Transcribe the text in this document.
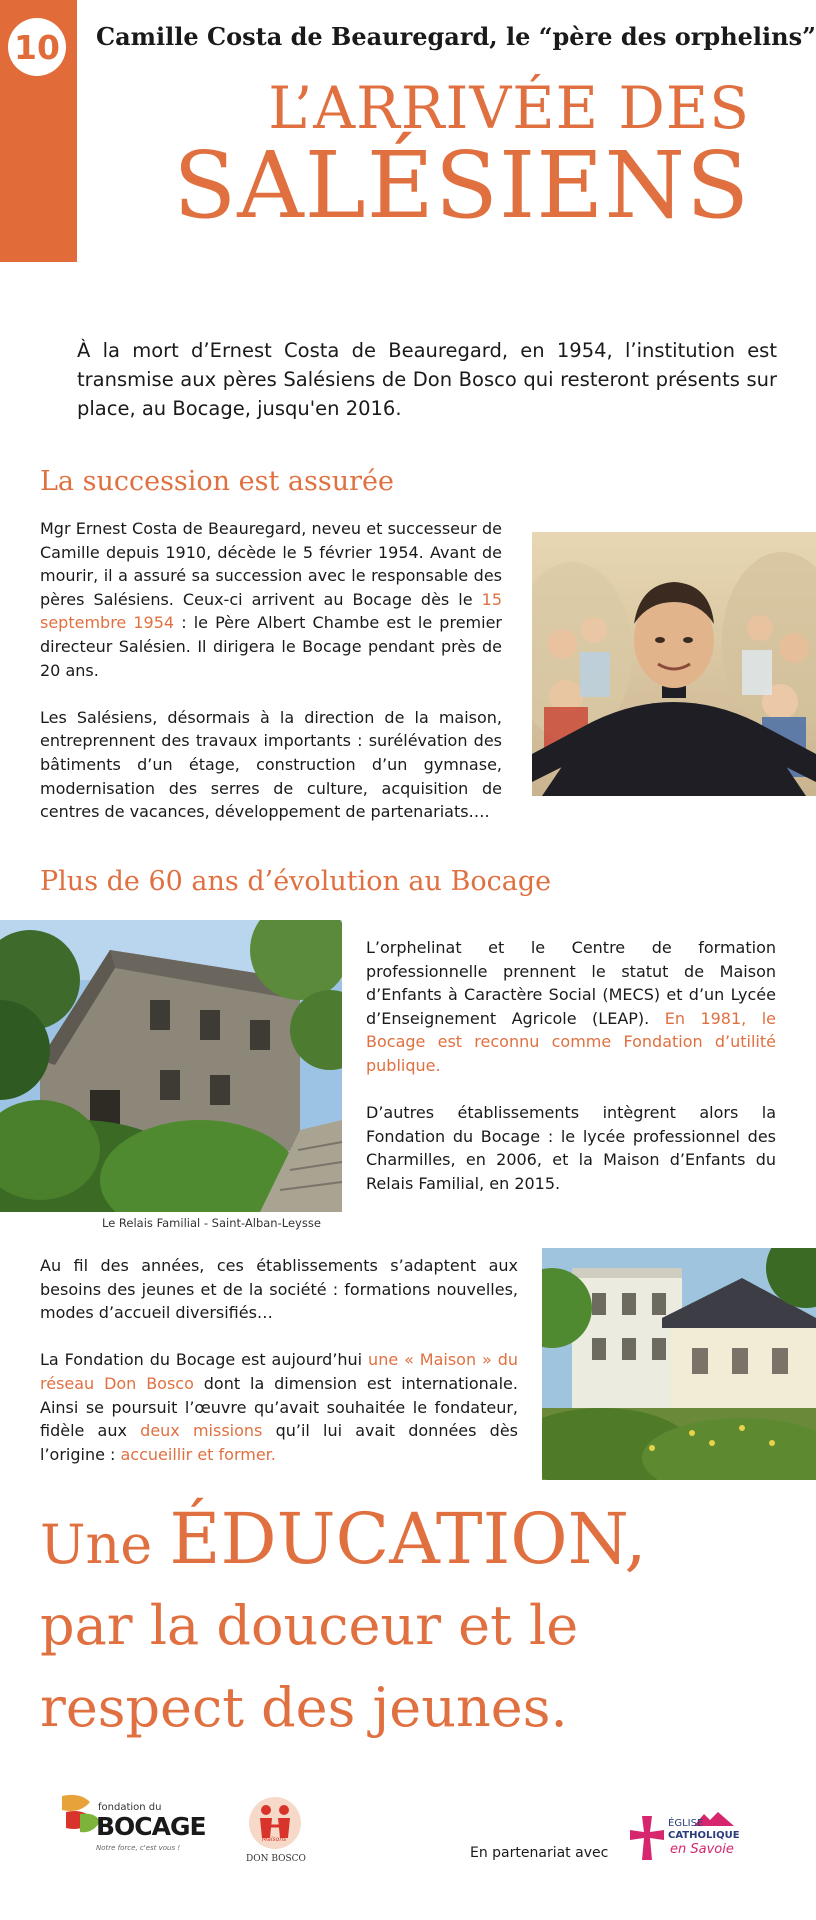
10 Camille Costa de Beauregard, le “père des orphelins”
L’ARRIVÉE DES
SALÉSIENS
À la mort d’Ernest Costa de Beauregard, en 1954, l’institution est transmise aux pères Salésiens de Don Bosco qui resteront présents sur place, au Bocage, jusqu'en 2016.
La succession est assurée

Mgr Ernest Costa de Beauregard, neveu et successeur de Camille depuis 1910, décède le 5 février 1954. Avant de mourir, il a assuré sa succession avec le responsable des pères Salésiens. Ceux-ci arrivent au Bocage dès le 15 septembre 1954 : le Père Albert Chambe est le premier directeur Salésien. Il dirigera le Bocage pendant près de 20 ans.

Les Salésiens, désormais à la direction de la maison, entreprennent des travaux importants : surélévation des bâtiments d’un étage, construction d’un gymnase, modernisation des serres de culture, acquisition de centres de vacances, développement de partenariats….

Plus de 60 ans d’évolution au Bocage
Le Relais Familial - Saint-Alban-Leysse

L’orphelinat et le Centre de formation professionnelle prennent le statut de Maison d’Enfants à Caractère Social (MECS) et d’un Lycée d’Enseignement Agricole (LEAP). En 1981, le Bocage est reconnu comme Fondation d’utilité publique.

D’autres établissements intègrent alors la Fondation du Bocage : le lycée professionnel des Charmilles, en 2006, et la Maison d’Enfants du Relais Familial, en 2015.

Au fil des années, ces établissements s’adaptent aux besoins des jeunes et de la société : formations nouvelles, modes d’accueil diversifiés…

La Fondation du Bocage est aujourd’hui une « Maison » du réseau Don Bosco dont la dimension est internationale. Ainsi se poursuit l’œuvre qu’avait souhaitée le fondateur, fidèle aux deux missions qu’il lui avait données dès l’origine : accueillir et former.

Une ÉDUCATION,
par la douceur et le
respect des jeunes.
fondation du
BOCAGE
Notre force, c'est vous !
Maisons
DON BOSCO	En partenariat avec
ÉGLISE
CATHOLIQUE
en Savoie
